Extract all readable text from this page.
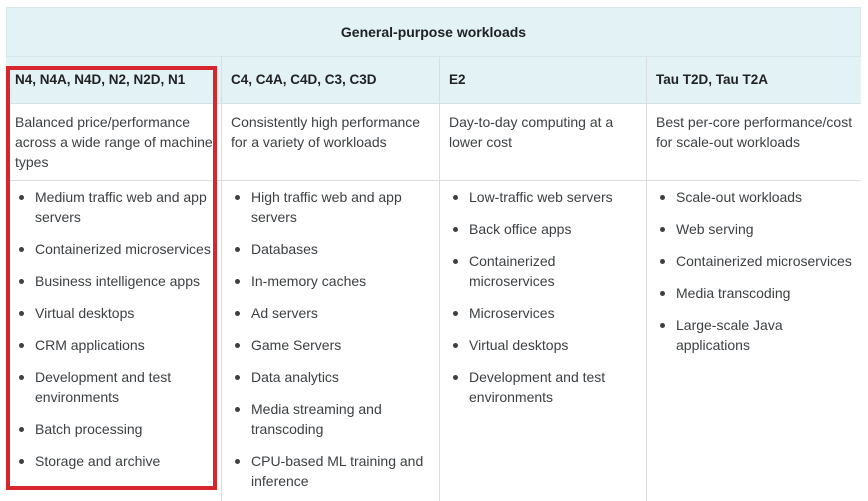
General-purpose workloads
N4, N4A, N4D, N2, N2D, N1
Balanced price/performance across a wide range of machine types
Medium traffic web and app servers
Containerized microservices
Business intelligence apps
Virtual desktops
CRM applications
Development and test environments
Batch processing
Storage and archive
C4, C4A, C4D, C3, C3D
Consistently high performance for a variety of workloads
High traffic web and app servers
Databases
In-memory caches
Ad servers
Game Servers
Data analytics
Media streaming and transcoding
CPU-based ML training and inference
E2
Day-to-day computing at a lower cost
Low-traffic web servers
Back office apps
Containerized microservices
Microservices
Virtual desktops
Development and test environments
Tau T2D, Tau T2A
Best per-core performance/cost for scale-out workloads
Scale-out workloads
Web serving
Containerized microservices
Media transcoding
Large-scale Java applications
